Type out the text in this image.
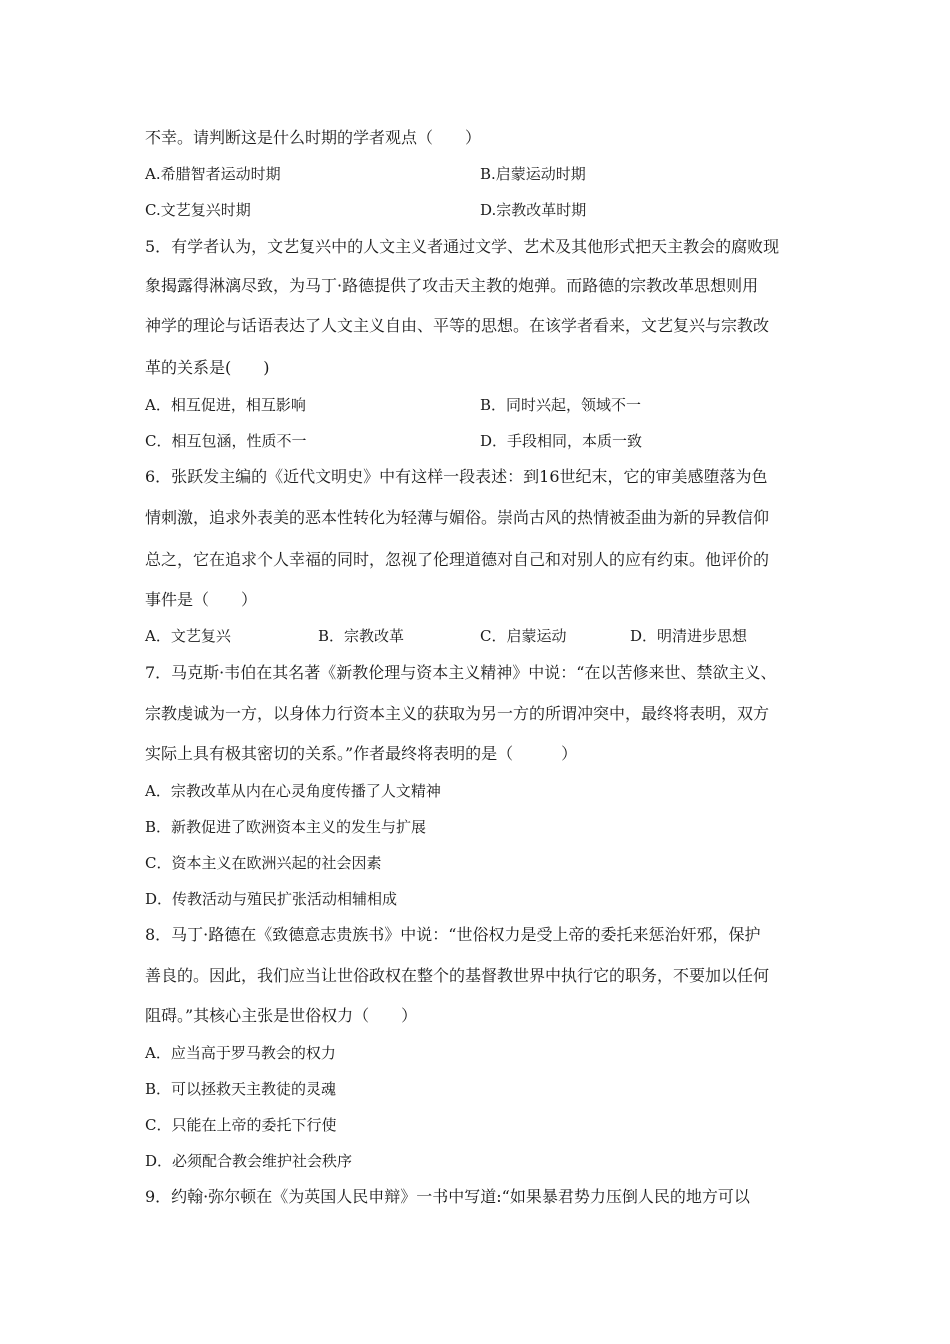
不幸。请判断这是什么时期的学者观点（　　）
A.希腊智者运动时期	B.启蒙运动时期
C.文艺复兴时期	D.宗教改革时期
5．有学者认为，文艺复兴中的人文主义者通过文学、艺术及其他形式把天主教会的腐败现
象揭露得淋漓尽致，为马丁·路德提供了攻击天主教的炮弹。而路德的宗教改革思想则用
神学的理论与话语表达了人文主义自由、平等的思想。在该学者看来，文艺复兴与宗教改
革的关系是(　　)
A．相互促进，相互影响	B．同时兴起，领域不一
C．相互包涵，性质不一	D．手段相同，本质一致
6．张跃发主编的《近代文明史》中有这样一段表述：到16世纪末，它的审美感堕落为色
情刺激，追求外表美的恶本性转化为轻薄与媚俗。崇尚古风的热情被歪曲为新的异教信仰
总之，它在追求个人幸福的同时，忽视了伦理道德对自己和对别人的应有约束。他评价的
事件是（　　）
A．文艺复兴	B．宗教改革	C．启蒙运动	D．明清进步思想
7．马克斯·韦伯在其名著《新教伦理与资本主义精神》中说：“在以苦修来世、禁欲主义、
宗教虔诚为一方，以身体力行资本主义的获取为另一方的所谓冲突中，最终将表明，双方
实际上具有极其密切的关系。”作者最终将表明的是（　　　）
A．宗教改革从内在心灵角度传播了人文精神
B．新教促进了欧洲资本主义的发生与扩展
C．资本主义在欧洲兴起的社会因素
D．传教活动与殖民扩张活动相辅相成
8．马丁·路德在《致德意志贵族书》中说：“世俗权力是受上帝的委托来惩治奸邪，保护
善良的。因此，我们应当让世俗政权在整个的基督教世界中执行它的职务，不要加以任何
阻碍。”其核心主张是世俗权力（　　）
A．应当高于罗马教会的权力
B．可以拯救天主教徒的灵魂
C．只能在上帝的委托下行使
D．必须配合教会维护社会秩序
9．约翰·弥尔顿在《为英国人民申辩》一书中写道:“如果暴君势力压倒人民的地方可以
